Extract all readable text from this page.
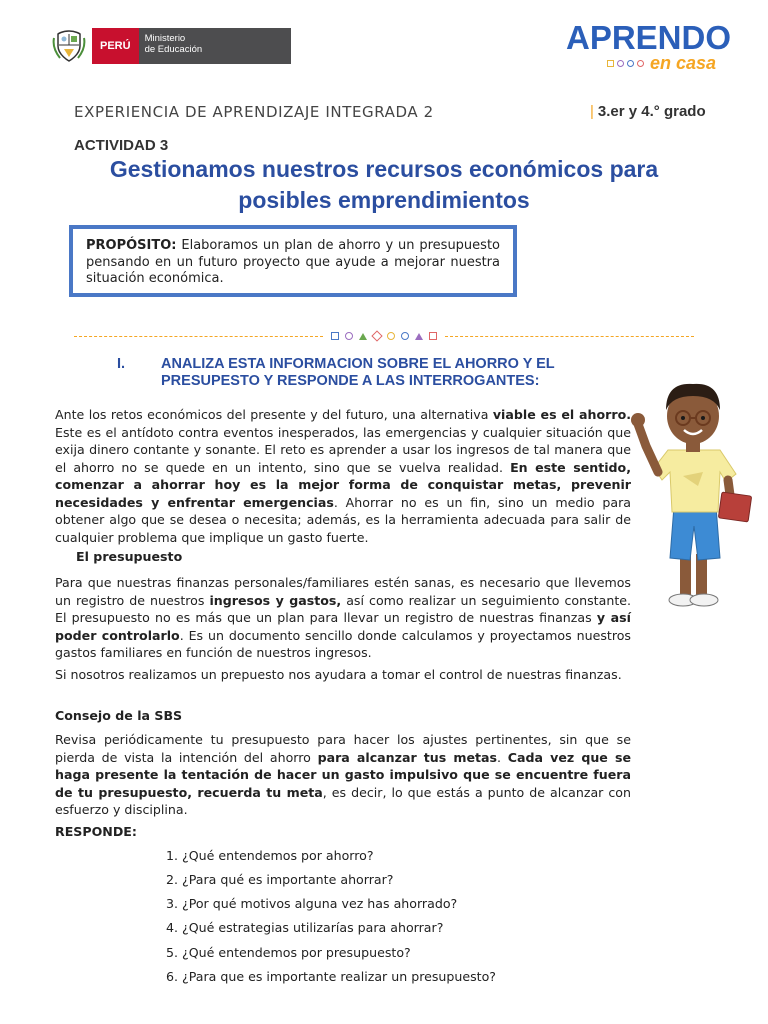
PERÚ
Ministerio
de Educación	APRENDO
en casa
EXPERIENCIA DE APRENDIZAJE INTEGRADA 2	| 3.er y 4.° grado
ACTIVIDAD 3
Gestionamos nuestros recursos económicos para
posibles emprendimientos
PROPÓSITO: Elaboramos un plan de ahorro y un presupuesto pensando en un futuro proyecto que ayude a mejorar nuestra situación económica.
I. ANALIZA ESTA INFORMACION SOBRE EL AHORRO Y EL PRESUPESTO Y RESPONDE A LAS INTERROGANTES:
Ante los retos económicos del presente y del futuro, una alternativa viable es el ahorro. Este es el antídoto contra eventos inesperados, las emergencias y cualquier situación que exija dinero contante y sonante. El reto es aprender a usar los ingresos de tal manera que el ahorro no se quede en un intento, sino que se vuelva realidad. En este sentido, comenzar a ahorrar hoy es la mejor forma de conquistar metas, prevenir necesidades y enfrentar emergencias. Ahorrar no es un fin, sino un medio para obtener algo que se desea o necesita; además, es la herramienta adecuada para salir de cualquier problema que implique un gasto fuerte.
El presupuesto
Para que nuestras finanzas personales/familiares estén sanas, es necesario que llevemos un registro de nuestros ingresos y gastos, así como realizar un seguimiento constante. El presupuesto no es más que un plan para llevar un registro de nuestras finanzas y así poder controlarlo. Es un documento sencillo donde calculamos y proyectamos nuestros gastos familiares en función de nuestros ingresos.
Si nosotros realizamos un prepuesto nos ayudara a tomar el control de nuestras finanzas.
Consejo de la SBS
Revisa periódicamente tu presupuesto para hacer los ajustes pertinentes, sin que se pierda de vista la intención del ahorro para alcanzar tus metas. Cada vez que se haga presente la tentación de hacer un gasto impulsivo que se encuentre fuera de tu presupuesto, recuerda tu meta, es decir, lo que estás a punto de alcanzar con esfuerzo y disciplina.
RESPONDE:
1. ¿Qué entendemos por ahorro?
2. ¿Para qué es importante ahorrar?
3. ¿Por qué motivos alguna vez has ahorrado?
4. ¿Qué estrategias utilizarías para ahorrar?
5. ¿Qué entendemos por presupuesto?
6. ¿Para que es importante realizar un presupuesto?
